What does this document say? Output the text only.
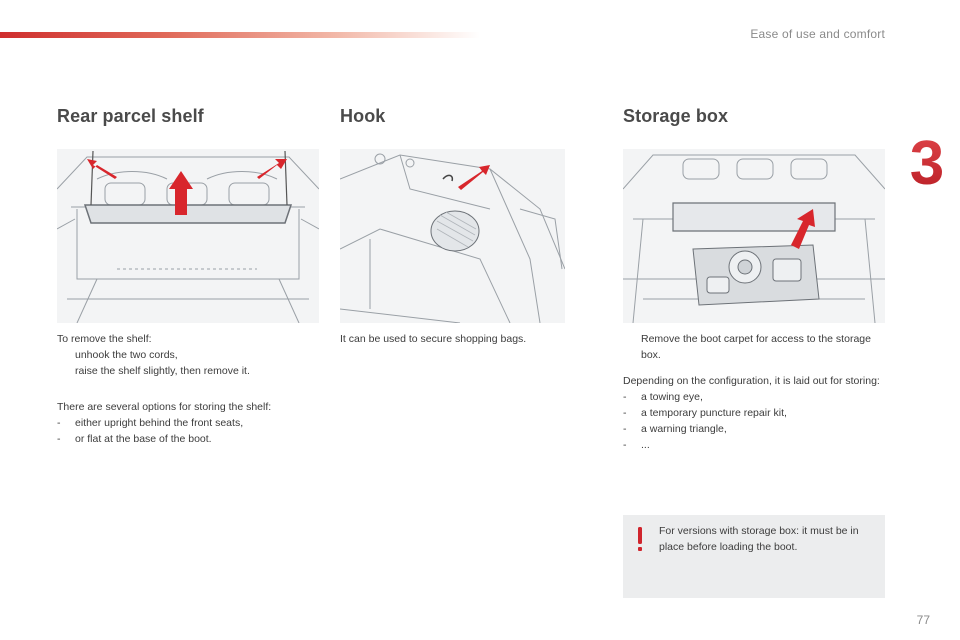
Ease of use and comfort
3
Rear parcel shelf

To remove the shelf:

unhook the two cords,
raise the shelf slightly, then remove it.

There are several options for storing the shelf:

-	either upright behind the front seats,
-	or flat at the base of the boot.
Hook

It can be used to secure shopping bags.

Storage box
Remove the boot carpet for access to the storage box.

Depending on the configuration, it is laid out for storing:

-	a towing eye,
-	a temporary puncture repair kit,
-	a warning triangle,
-	...
For versions with storage box: it must be in place before loading the boot.
77
